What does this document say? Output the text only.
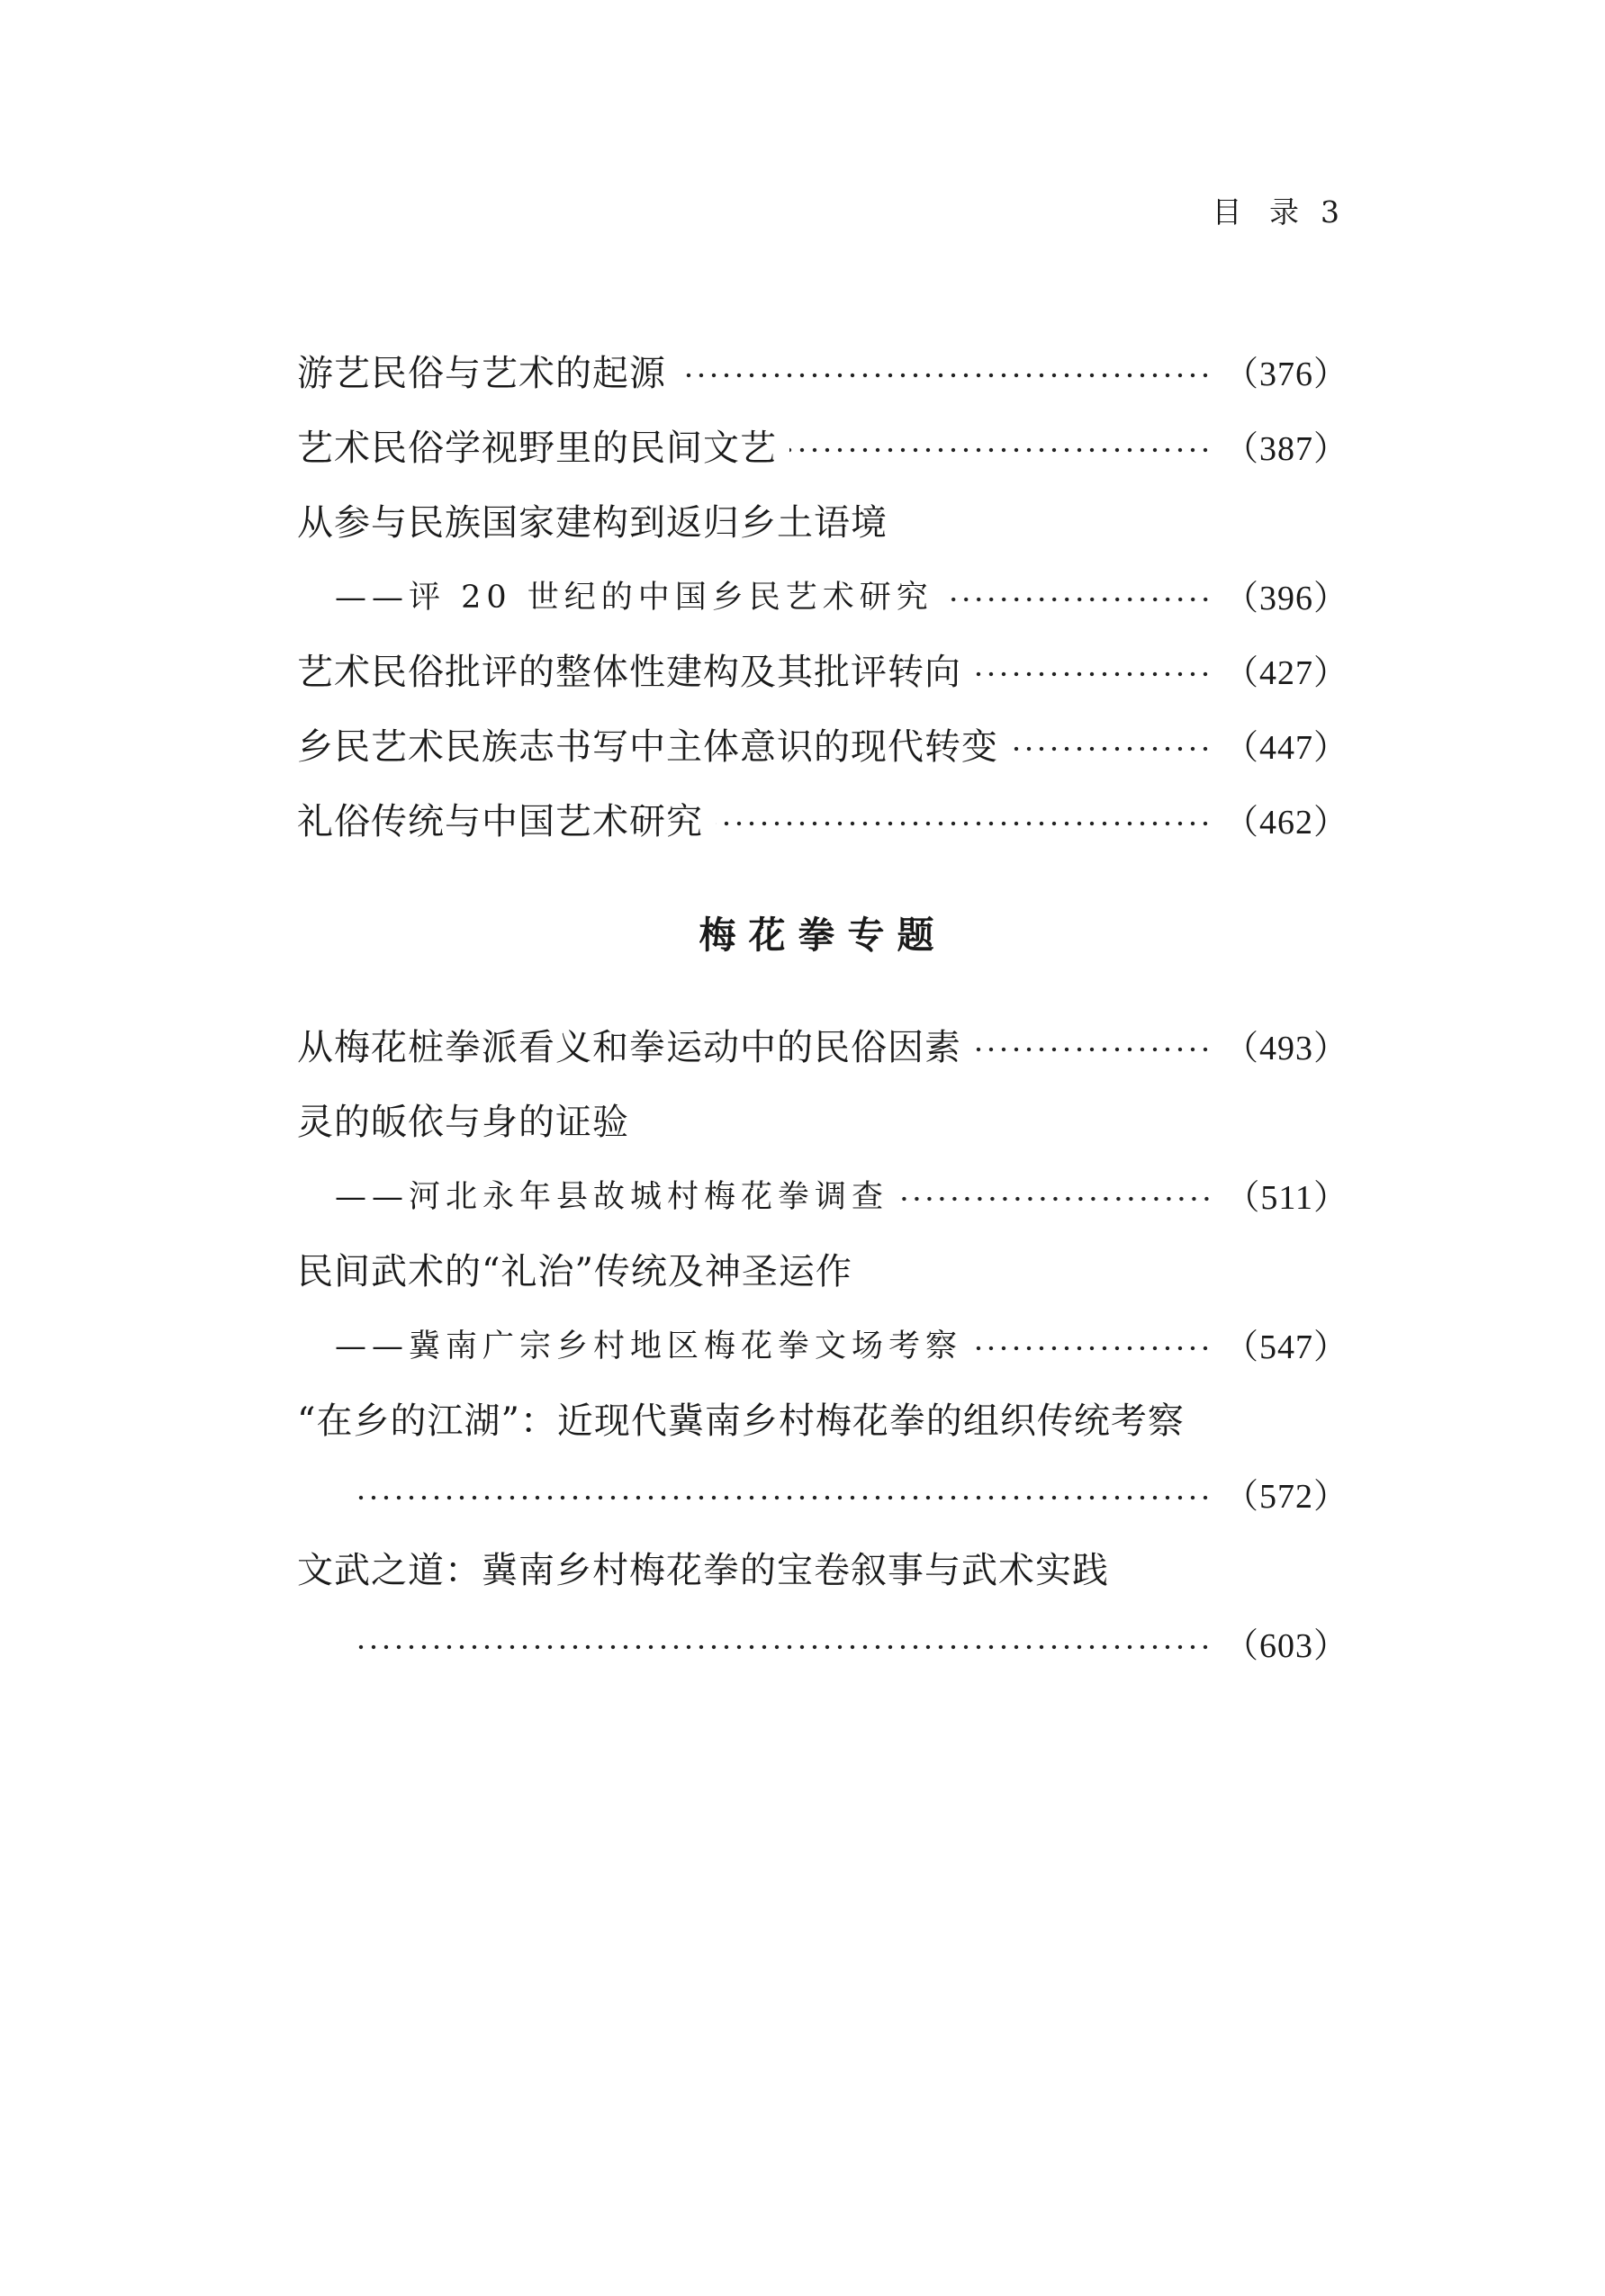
目 录 3
游艺民俗与艺术的起源	（376）
艺术民俗学视野里的民间文艺	（387）
从参与民族国家建构到返归乡土语境
——评 20 世纪的中国乡民艺术研究	（396）
艺术民俗批评的整体性建构及其批评转向	（427）
乡民艺术民族志书写中主体意识的现代转变	（447）
礼俗传统与中国艺术研究	（462）
梅花拳专题
从梅花桩拳派看义和拳运动中的民俗因素	（493）
灵的皈依与身的证验
——河北永年县故城村梅花拳调查	（511）
民间武术的“礼治”传统及神圣运作
——冀南广宗乡村地区梅花拳文场考察	（547）
“在乡的江湖”：近现代冀南乡村梅花拳的组织传统考察
（572）
文武之道：冀南乡村梅花拳的宝卷叙事与武术实践
（603）
